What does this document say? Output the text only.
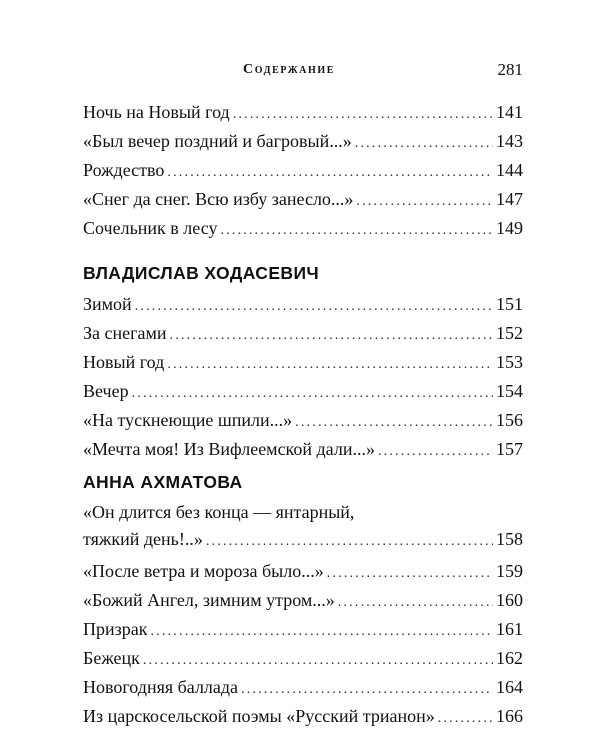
Содержание	281
Ночь на Новый год .....	141
«Был вечер поздний и багровый...» .....	143
Рождество .....	144
«Снег да снег. Всю избу занесло...» .....	147
Сочельник в лесу .....	149
ВЛАДИСЛАВ ХОДАСЕВИЧ
Зимой .....	151
За снегами .....	152
Новый год .....	153
Вечер .....	154
«На тускнеющие шпили...» .....	156
«Мечта моя! Из Вифлеемской дали...» .....	157
АННА АХМАТОВА
«Он длится без конца — янтарный,
тяжкий день!..» .....	158
«После ветра и мороза было...» .....	159
«Божий Ангел, зимним утром...» .....	160
Призрак .....	161
Бежецк .....	162
Новогодняя баллада .....	164
Из царскосельской поэмы «Русский трианон» .....	166
